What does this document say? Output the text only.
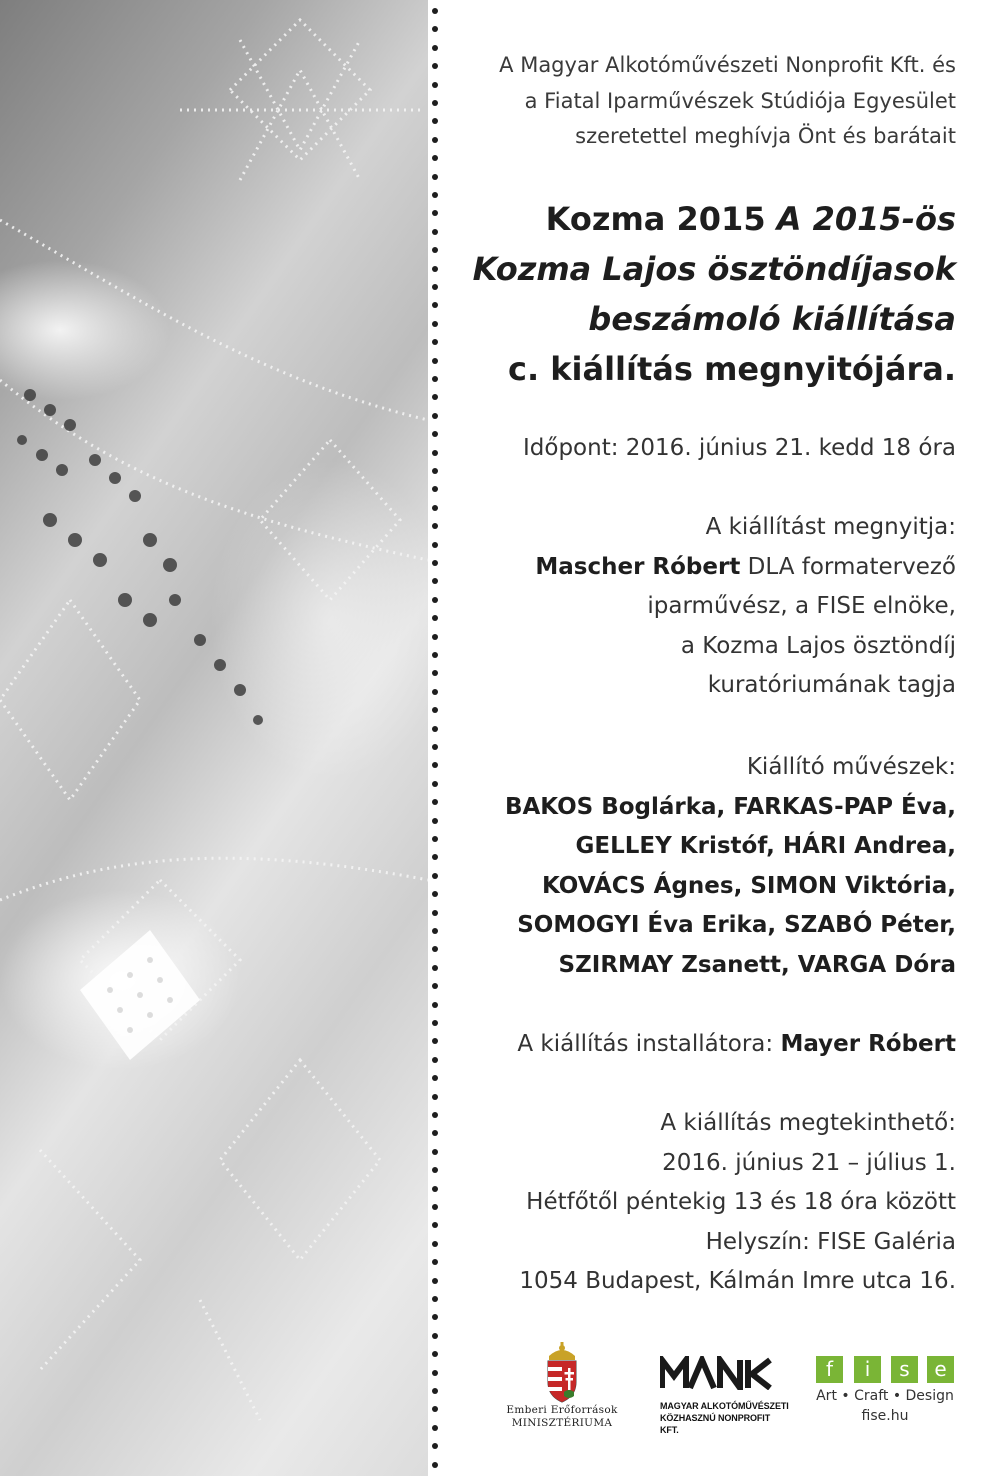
A Magyar Alkotóművészeti Nonprofit Kft. és
a Fiatal Iparművészek Stúdiója Egyesület
szeretettel meghívja Önt és barátait
Kozma 2015 A 2015-ös
Kozma Lajos ösztöndíjasok
beszámoló kiállítása
c. kiállítás megnyitójára.
Időpont: 2016. június 21. kedd 18 óra
A kiállítást megnyitja:
Mascher Róbert DLA formatervező
iparművész, a FISE elnöke,
a Kozma Lajos ösztöndíj
kuratóriumának tagja
Kiállító művészek:
BAKOS Boglárka, FARKAS-PAP Éva,
GELLEY Kristóf, HÁRI Andrea,
KOVÁCS Ágnes, SIMON Viktória,
SOMOGYI Éva Erika, SZABÓ Péter,
SZIRMAY Zsanett, VARGA Dóra
A kiállítás installátora: Mayer Róbert
A kiállítás megtekinthető:
2016. június 21 – július 1.
Hétfőtől péntekig 13 és 18 óra között
Helyszín: FISE Galéria
1054 Budapest, Kálmán Imre utca 16.
Emberi Erőforrások
MINISZTÉRIUMA
MAGYAR ALKOTÓMŰVÉSZETI
KÖZHASZNÚ NONPROFIT KFT.
f	i	s	e
Art • Craft • Design
fise.hu
